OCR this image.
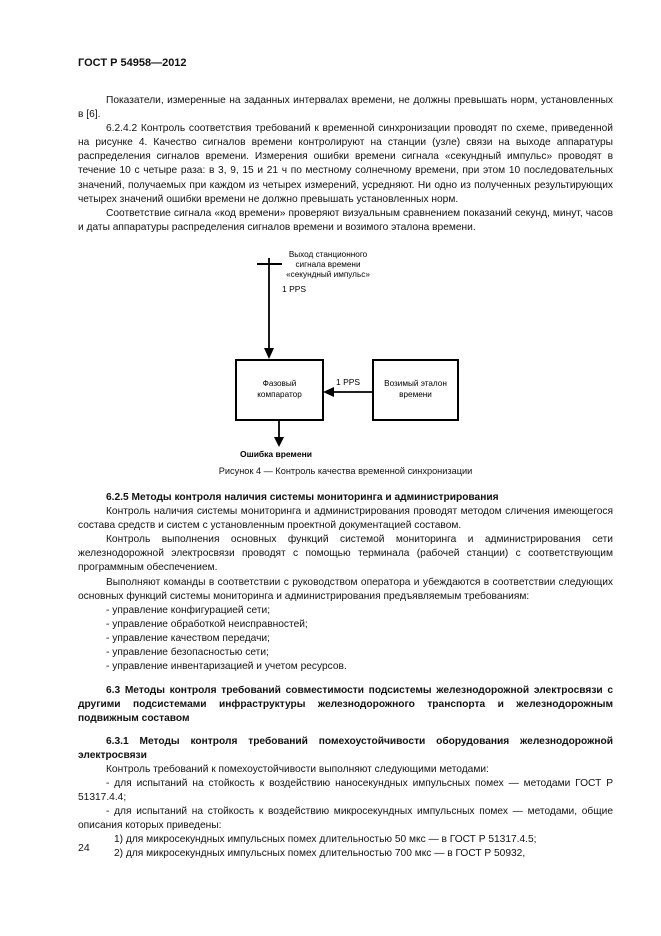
ГОСТ Р 54958—2012

Показатели, измеренные на заданных интервалах времени, не должны превышать норм, установленных в [6].

6.2.4.2 Контроль соответствия требований к временной синхронизации проводят по схеме, приведенной на рисунке 4. Качество сигналов времени контролируют на станции (узле) связи на выходе аппаратуры распределения сигналов времени. Измерения ошибки времени сигнала «секундный импульс» проводят в течение 10 с четыре раза: в 3, 9, 15 и 21 ч по местному солнечному времени, при этом 10 последовательных значений, получаемых при каждом из четырех измерений, усредняют. Ни одно из полученных результирующих четырех значений ошибки времени не должно превышать установленных норм.

Соответствие сигнала «код времени» проверяют визуальным сравнением показаний секунд, минут, часов и даты аппаратуры распределения сигналов времени и возимого эталона времени.

Выход станционного
сигнала времени
«секундный импульс»
1 PPS
Фазовый
компаратор
1 PPS	Возимый эталон
времени
Ошибка времени
Рисунок 4 — Контроль качества временной синхронизации

6.2.5 Методы контроля наличия системы мониторинга и администрирования

Контроль наличия системы мониторинга и администрирования проводят методом сличения имеющегося состава средств и систем с установленным проектной документацией составом.

Контроль выполнения основных функций системой мониторинга и администрирования сети железнодорожной электросвязи проводят с помощью терминала (рабочей станции) с соответствующим программным обеспечением.

Выполняют команды в соответствии с руководством оператора и убеждаются в соответствии следующих основных функций системы мониторинга и администрирования предъявляемым требованиям:

- управление конфигурацией сети;

- управление обработкой неисправностей;

- управление качеством передачи;

- управление безопасностью сети;

- управление инвентаризацией и учетом ресурсов.

6.3 Методы контроля требований совместимости подсистемы железнодорожной электросвязи с другими подсистемами инфраструктуры железнодорожного транспорта и железнодорожным подвижным составом

6.3.1 Методы контроля требований помехоустойчивости оборудования железнодорожной электросвязи

Контроль требований к помехоустойчивости выполняют следующими методами:

- для испытаний на стойкость к воздействию наносекундных импульсных помех — методами ГОСТ Р 51317.4.4;

- для испытаний на стойкость к воздействию микросекундных импульсных помех — методами, общие описания которых приведены:

1) для микросекундных импульсных помех длительностью 50 мкс — в ГОСТ Р 51317.4.5;

2) для микросекундных импульсных помех длительностью 700 мкс — в ГОСТ Р 50932,

24
